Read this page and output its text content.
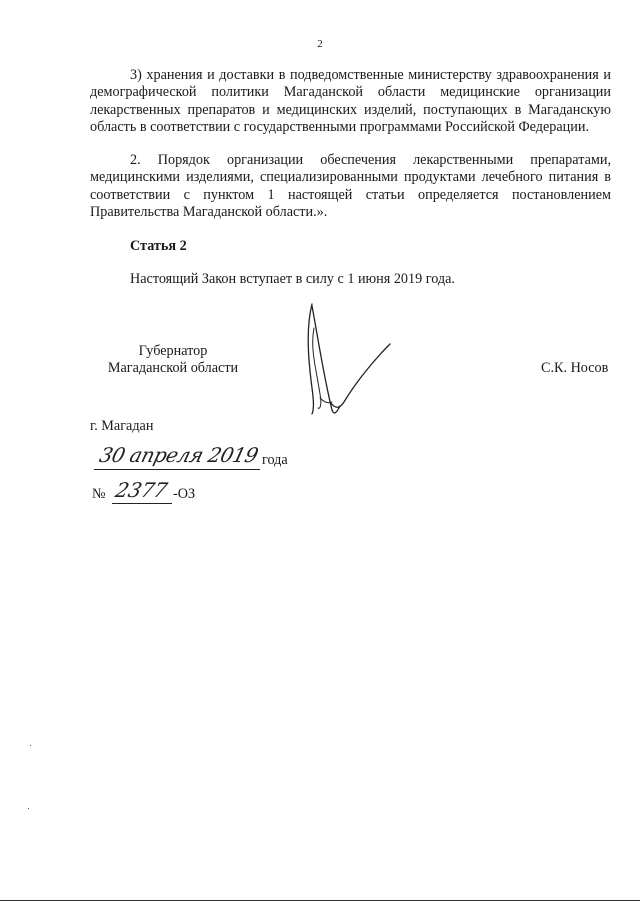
2

3) хранения и доставки в подведомственные министерству здравоохранения и демографической политики Магаданской области медицинские организации лекарственных препаратов и медицинских изделий, поступающих в Магаданскую область в соответствии с государственными программами Российской Федерации.

2. Порядок организации обеспечения лекарственными препаратами, медицинскими изделиями, специализированными продуктами лечебного питания в соответствии с пунктом 1 настоящей статьи определяется постановлением Правительства Магаданской области.».

Статья 2

Настоящий Закон вступает в силу с 1 июня 2019 года.

Губернатор
Магаданской области	С.К. Носов
г. Магадан
30 апреля 2019 года
№ 2377 -ОЗ
